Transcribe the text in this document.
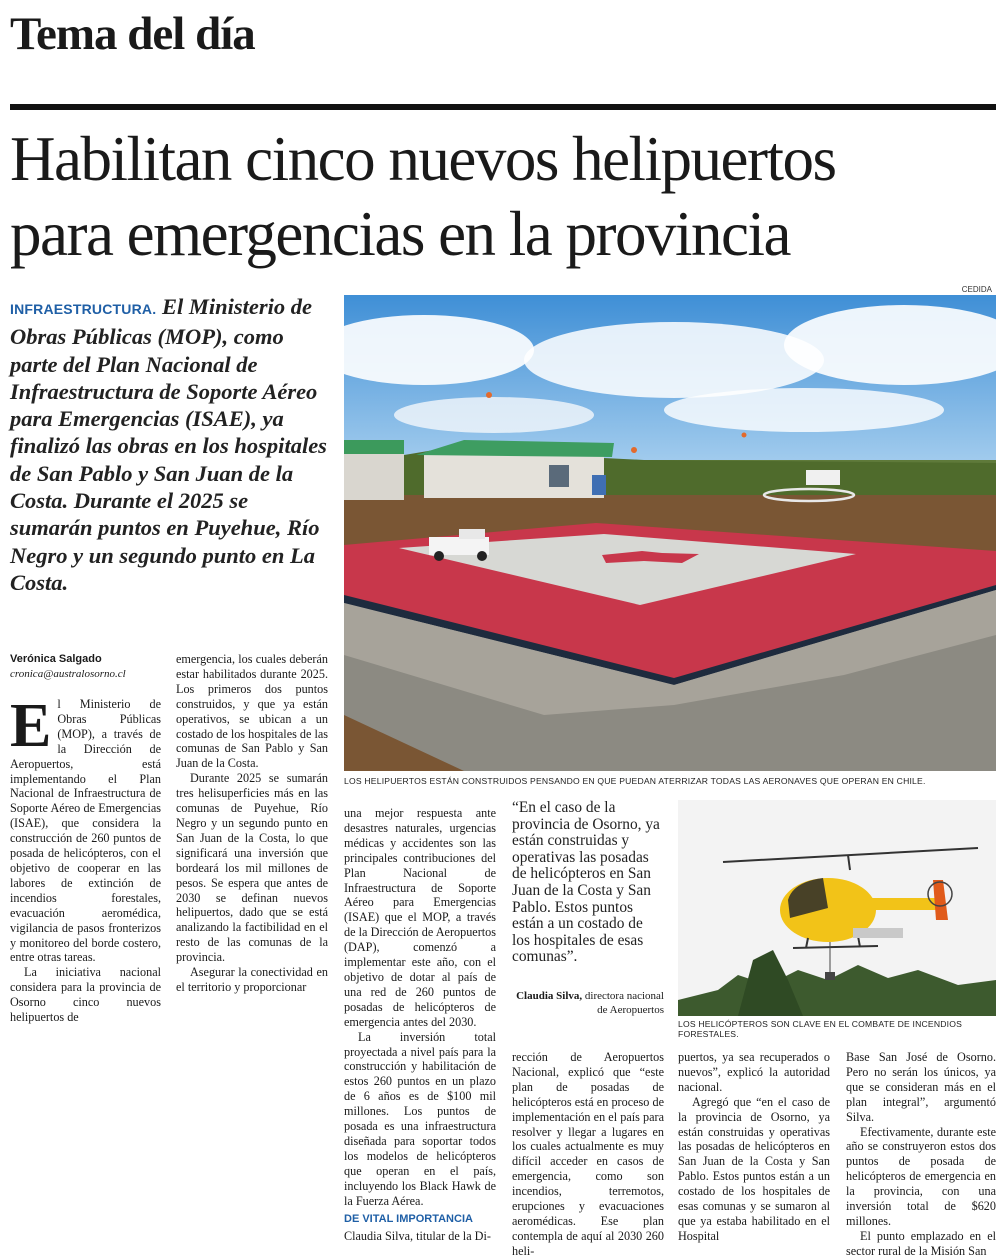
Tema del día
Habilitan cinco nuevos helipuertos
para emergencias en la provincia
CEDIDA
INFRAESTRUCTURA. El Ministerio de Obras Públicas (MOP), como parte del Plan Nacional de Infraestructura de Soporte Aéreo para Emergencias (ISAE), ya finalizó las obras en los hospitales de San Pablo y San Juan de la Costa. Durante el 2025 se sumarán puntos en Puyehue, Río Negro y un segundo punto en La Costa.
Verónica Salgado
cronica@australosorno.cl

El Ministerio de Obras Públicas (MOP), a través de la Dirección de Aeropuertos, está implementando el Plan Nacional de Infraestructura de Soporte Aéreo de Emergencias (ISAE), que considera la construcción de 260 puntos de posada de helicópteros, con el objetivo de cooperar en las labores de extinción de incendios forestales, evacuación aeromédica, vigilancia de pasos fronterizos y monitoreo del borde costero, entre otras tareas.

La iniciativa nacional considera para la provincia de Osorno cinco nuevos helipuertos de

emergencia, los cuales deberán estar habilitados durante 2025. Los primeros dos puntos construidos, y que ya están operativos, se ubican a un costado de los hospitales de las comunas de San Pablo y San Juan de la Costa.

Durante 2025 se sumarán tres helisuperficies más en las comunas de Puyehue, Río Negro y un segundo punto en San Juan de la Costa, lo que significará una inversión que bordeará los mil millones de pesos. Se espera que antes de 2030 se definan nuevos helipuertos, dado que se está analizando la factibilidad en el resto de las comunas de la provincia.

Asegurar la conectividad en el territorio y proporcionar

LOS HELIPUERTOS ESTÁN CONSTRUIDOS PENSANDO EN QUE PUEDAN ATERRIZAR TODAS LAS AERONAVES QUE OPERAN EN CHILE.

una mejor respuesta ante desastres naturales, urgencias médicas y accidentes son las principales contribuciones del Plan Nacional de Infraestructura de Soporte Aéreo para Emergencias (ISAE) que el MOP, a través de la Dirección de Aeropuertos (DAP), comenzó a implementar este año, con el objetivo de dotar al país de una red de 260 puntos de posadas de helicópteros de emergencia antes del 2030.

La inversión total proyectada a nivel país para la construcción y habilitación de estos 260 puntos en un plazo de 6 años es de $100 mil millones. Los puntos de posada es una infraestructura diseñada para soportar todos los modelos de helicópteros que operan en el país, incluyendo los Black Hawk de la Fuerza Aérea.

DE VITAL IMPORTANCIA

Claudia Silva, titular de la Di-

“En el caso de la provincia de Osorno, ya están construidas y operativas las posadas de helicópteros en San Juan de la Costa y San Pablo. Estos puntos están a un costado de los hospitales de esas comunas”.
Claudia Silva, directora nacional de Aeropuertos
LOS HELICÓPTEROS SON CLAVE EN EL COMBATE DE INCENDIOS FORESTALES.

rección de Aeropuertos Nacional, explicó que “este plan de posadas de helicópteros está en proceso de implementación en el país para resolver y llegar a lugares en los cuales actualmente es muy difícil acceder en casos de emergencia, como son incendios, terremotos, erupciones y evacuaciones aeromédicas. Ese plan contempla de aquí al 2030 260 heli-

puertos, ya sea recuperados o nuevos”, explicó la autoridad nacional.

Agregó que “en el caso de la provincia de Osorno, ya están construidas y operativas las posadas de helicópteros en San Juan de la Costa y San Pablo. Estos puntos están a un costado de los hospitales de esas comunas y se sumaron al que ya estaba habilitado en el Hospital

Base San José de Osorno. Pero no serán los únicos, ya que se consideran más en el plan integral”, argumentó Silva.

Efectivamente, durante este año se construyeron estos dos puntos de posada de helicópteros de emergencia en la provincia, con una inversión total de $620 millones.

El punto emplazado en el sector rural de la Misión San
